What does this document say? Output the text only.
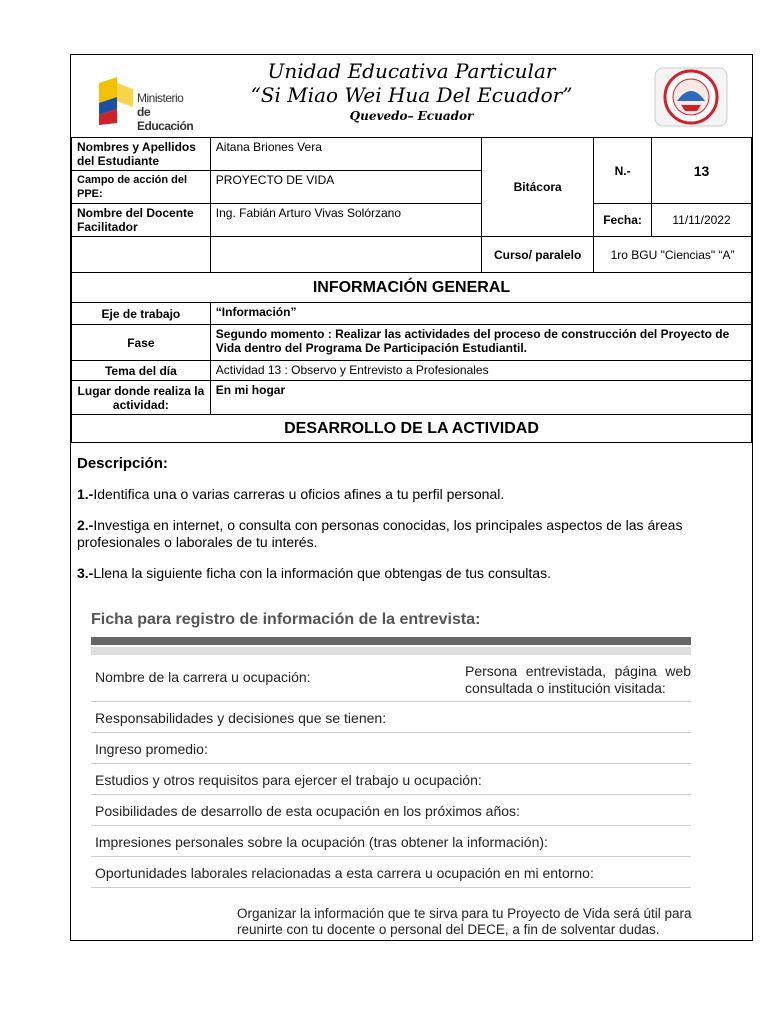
Ministerio
de Educación
Unidad Educativa Particular
“Si Miao Wei Hua Del Ecuador”
Quevedo– Ecuador
Nombres y Apellidos del Estudiante	Aitana Briones Vera	Bitácora	N.-	13
Campo de acción del PPE:	PROYECTO DE VIDA			
Nombre del Docente Facilitador	Ing. Fabián Arturo Vivas Solórzano		Fecha:	11/11/2022
		Curso/ paralelo	1ro BGU "Ciencias" “A”	
INFORMACIÓN GENERAL				
Eje de trabajo	“Información”			
Fase	Segundo momento : Realizar las actividades del proceso de construcción del Proyecto de Vida dentro del Programa De Participación Estudiantil.			
Tema del día	Actividad 13 : Observo y Entrevisto a Profesionales			
Lugar donde realiza la actividad:	En mi hogar			
DESARROLLO DE LA ACTIVIDAD				

Descripción:

1.-Identifica una o varias carreras u oficios afines a tu perfil personal.

2.-Investiga en internet, o consulta con personas conocidas, los principales aspectos de las áreas profesionales o laborales de tu interés.

3.-Llena la siguiente ficha con la información que obtengas de tus consultas.

Ficha para registro de información de la entrevista:
Nombre de la carrera u ocupación:	Persona entrevistada, página web consultada o institución visitada:
Responsabilidades y decisiones que se tienen:
Ingreso promedio:
Estudios y otros requisitos para ejercer el trabajo u ocupación:
Posibilidades de desarrollo de esta ocupación en los próximos años:
Impresiones personales sobre la ocupación (tras obtener la información):
Oportunidades laborales relacionadas a esta carrera u ocupación en mi entorno:
Organizar la información que te sirva para tu Proyecto de Vida será útil para reunirte con tu docente o personal del DECE, a fin de solventar dudas.
